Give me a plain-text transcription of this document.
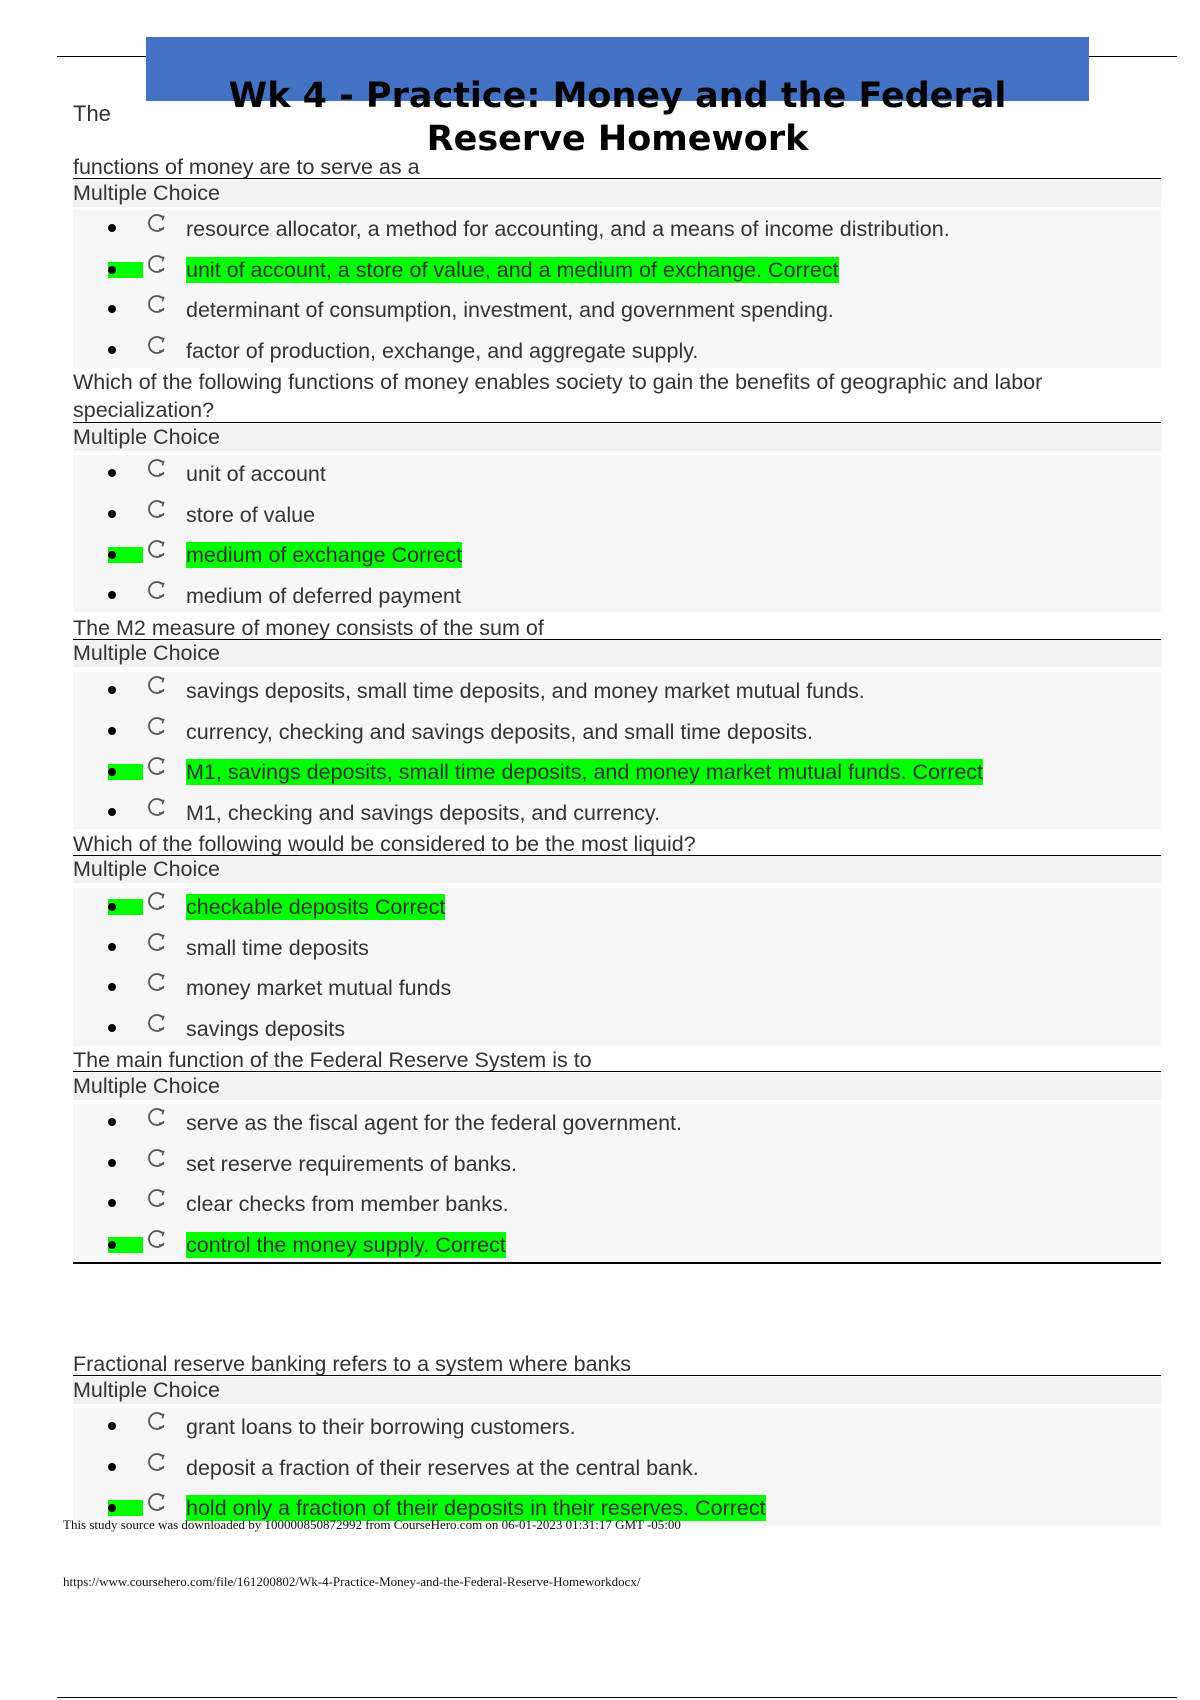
Wk 4 - Practice: Money and the Federal
Reserve Homework
The
functions of money are to serve as a
Multiple Choice
resource allocator, a method for accounting, and a means of income distribution.
unit of account, a store of value, and a medium of exchange. Correct
determinant of consumption, investment, and government spending.
factor of production, exchange, and aggregate supply.
Which of the following functions of money enables society to gain the benefits of geographic and labor specialization?
Multiple Choice
unit of account
store of value
medium of exchange Correct
medium of deferred payment
The M2 measure of money consists of the sum of
Multiple Choice
savings deposits, small time deposits, and money market mutual funds.
currency, checking and savings deposits, and small time deposits.
M1, savings deposits, small time deposits, and money market mutual funds. Correct
M1, checking and savings deposits, and currency.
Which of the following would be considered to be the most liquid?
Multiple Choice
checkable deposits Correct
small time deposits
money market mutual funds
savings deposits
The main function of the Federal Reserve System is to
Multiple Choice
serve as the fiscal agent for the federal government.
set reserve requirements of banks.
clear checks from member banks.
control the money supply. Correct
Fractional reserve banking refers to a system where banks
Multiple Choice
grant loans to their borrowing customers.
deposit a fraction of their reserves at the central bank.
hold only a fraction of their deposits in their reserves. Correct
This study source was downloaded by 100000850872992 from CourseHero.com on 06-01-2023 01:31:17 GMT -05:00
https://www.coursehero.com/file/161200802/Wk-4-Practice-Money-and-the-Federal-Reserve-Homeworkdocx/
